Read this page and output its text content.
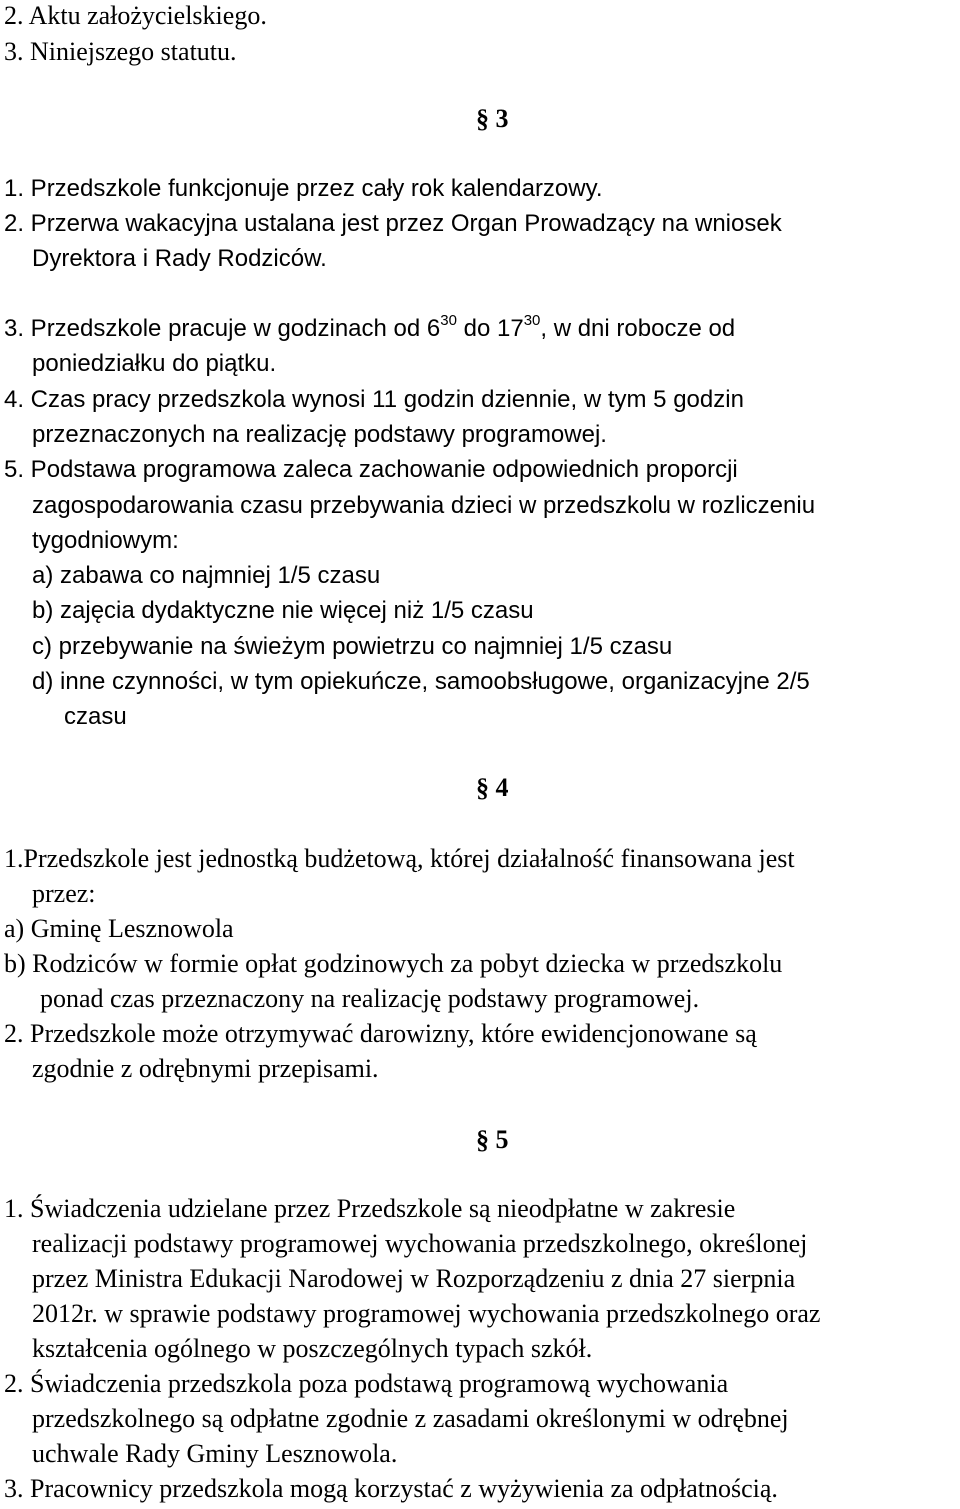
2. Aktu założycielskiego.
3. Niniejszego statutu.
§ 3
1. Przedszkole funkcjonuje przez cały rok kalendarzowy.
2. Przerwa wakacyjna ustalana jest przez Organ Prowadzący na wniosek
Dyrektora i Rady Rodziców.
3. Przedszkole pracuje w godzinach od $6^{30}$ do $17^{30}$, w dni robocze od
poniedziałku do piątku.
4. Czas pracy przedszkola wynosi 11 godzin dziennie, w tym 5 godzin
przeznaczonych na realizację podstawy programowej.
5. Podstawa programowa zaleca zachowanie odpowiednich proporcji
zagospodarowania czasu przebywania dzieci w przedszkolu w rozliczeniu
tygodniowym:
a) zabawa co najmniej 1/5 czasu
b) zajęcia dydaktyczne nie więcej niż 1/5 czasu
c) przebywanie na świeżym powietrzu co najmniej 1/5 czasu
d) inne czynności, w tym opiekuńcze, samoobsługowe, organizacyjne 2/5
czasu
§ 4
1.Przedszkole jest jednostką budżetową, której działalność finansowana jest
przez:
a) Gminę Lesznowola
b) Rodziców w formie opłat godzinowych za pobyt dziecka w przedszkolu
ponad czas przeznaczony na realizację podstawy programowej.
2. Przedszkole może otrzymywać darowizny, które ewidencjonowane są
zgodnie z odrębnymi przepisami.
§ 5
1. Świadczenia udzielane przez Przedszkole są nieodpłatne w zakresie
realizacji podstawy programowej wychowania przedszkolnego, określonej
przez Ministra Edukacji Narodowej w Rozporządzeniu z dnia 27 sierpnia
2012r. w sprawie podstawy programowej wychowania przedszkolnego oraz
kształcenia ogólnego w poszczególnych typach szkół.
2. Świadczenia przedszkola poza podstawą programową wychowania
przedszkolnego są odpłatne zgodnie z zasadami określonymi w odrębnej
uchwale Rady Gminy Lesznowola.
3. Pracownicy przedszkola mogą korzystać z wyżywienia za odpłatnością.
